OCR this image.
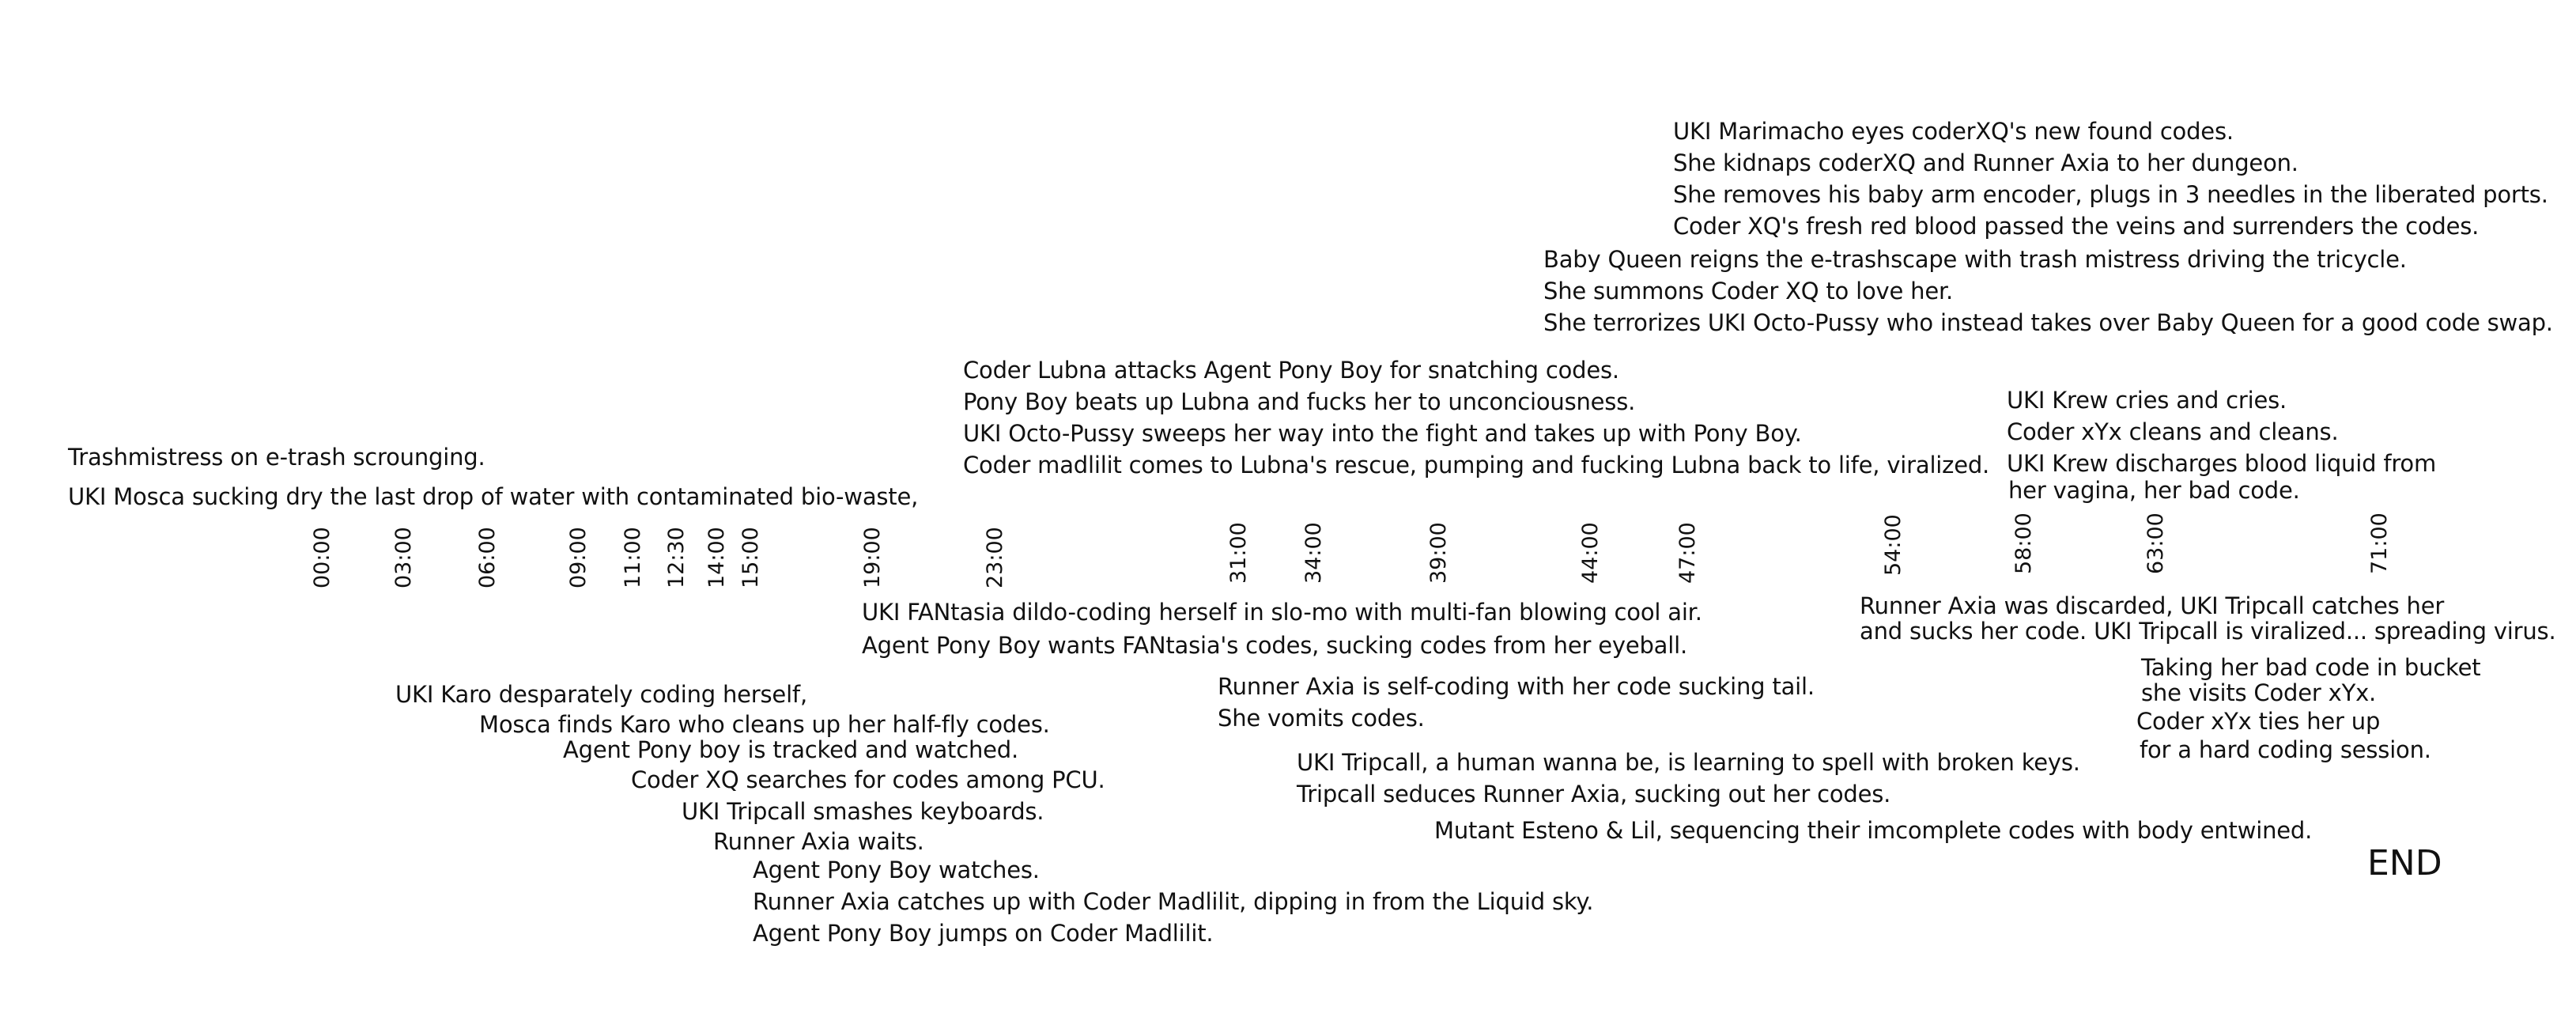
UKI Marimacho eyes coderXQ's new found codes.
She kidnaps coderXQ and Runner Axia to her dungeon.
She removes his baby arm encoder, plugs in 3 needles in the liberated ports.
Coder XQ's fresh red blood passed the veins and surrenders the codes.
Baby Queen reigns the e-trashscape with trash mistress driving the tricycle.
She summons Coder XQ to love her.
She terrorizes UKI Octo-Pussy who instead takes over Baby Queen for a good code swap.
Coder Lubna attacks Agent Pony Boy for snatching codes.
Pony Boy beats up Lubna and fucks her to unconciousness.
UKI Octo-Pussy sweeps her way into the fight and takes up with Pony Boy.
Coder madlilit comes to Lubna's rescue, pumping and fucking Lubna back to life, viralized.
UKI Krew cries and cries.
Coder xYx cleans and cleans.
UKI Krew discharges blood liquid from
her vagina, her bad code.
Trashmistress on e-trash scrounging.
UKI Mosca sucking dry the last drop of water with contaminated bio-waste,
00:00	03:00	06:00	09:00 11:00 12:30 14:00 15:00	19:00	23:00	31:00 34:00	39:00	44:00	47:00	54:00	58:00	63:00	71:00
UKI FANtasia dildo-coding herself in slo-mo with multi-fan blowing cool air.
Agent Pony Boy wants FANtasia's codes, sucking codes from her eyeball.
Runner Axia was discarded, UKI Tripcall catches her
and sucks her code. UKI Tripcall is viralized... spreading virus.
Taking her bad code in bucket
she visits Coder xYx.
Coder xYx ties her up
for a hard coding session.
Runner Axia is self-coding with her code sucking tail.
She vomits codes.
UKI Tripcall, a human wanna be, is learning to spell with broken keys.
Tripcall seduces Runner Axia, sucking out her codes.
Mutant Esteno & Lil, sequencing their imcomplete codes with body entwined.
UKI Karo desparately coding herself,
Mosca finds Karo who cleans up her half-fly codes.
Agent Pony boy is tracked and watched.
Coder XQ searches for codes among PCU.
UKI Tripcall smashes keyboards.
Runner Axia waits.
Agent Pony Boy watches.
Runner Axia catches up with Coder Madlilit, dipping in from the Liquid sky.
Agent Pony Boy jumps on Coder Madlilit.
END
